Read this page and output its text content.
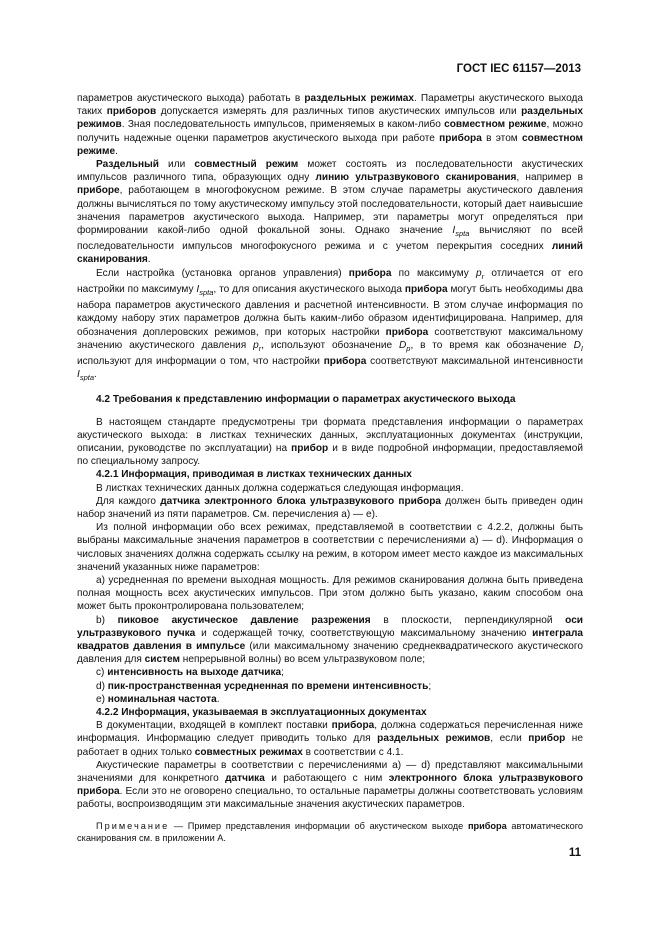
ГОСТ IEC 61157—2013

параметров акустического выхода) работать в раздельных режимах. Параметры акустического выхода таких приборов допускается измерять для различных типов акустических импульсов или раздельных режимов. Зная последовательность импульсов, применяемых в каком-либо совместном режиме, можно получить надежные оценки параметров акустического выхода при работе прибора в этом совместном режиме.

Раздельный или совместный режим может состоять из последовательности акустических импульсов различного типа, образующих одну линию ультразвукового сканирования, например в приборе, работающем в многофокусном режиме. В этом случае параметры акустического давления должны вычисляться по тому акустическому импульсу этой последовательности, который дает наивысшие значения параметров акустического выхода. Например, эти параметры могут определяться при формировании какой-либо одной фокальной зоны. Однако значение $I_{spta}$ вычисляют по всей последовательности импульсов многофокусного режима и с учетом перекрытия соседних линий сканирования.

Если настройка (установка органов управления) прибора по максимуму $p_r$ отличается от его настройки по максимуму $I_{spta}$, то для описания акустического выхода прибора могут быть необходимы два набора параметров акустического давления и расчетной интенсивности. В этом случае информация по каждому набору этих параметров должна быть каким-либо образом идентифицирована. Например, для обозначения доплеровских режимов, при которых настройки прибора соответствуют максимальному значению акустического давления $p_r$, используют обозначение $D_p$, в то время как обозначение $D_I$ используют для информации о том, что настройки прибора соответствуют максимальной интенсивности $I_{spta}$.

4.2 Требования к представлению информации о параметрах акустического выхода

В настоящем стандарте предусмотрены три формата представления информации о параметрах акустического выхода: в листках технических данных, эксплуатационных документах (инструкции, описании, руководстве по эксплуатации) на прибор и в виде подробной информации, предоставляемой по специальному запросу.

4.2.1 Информация, приводимая в листках технических данных

В листках технических данных должна содержаться следующая информация.

Для каждого датчика электронного блока ультразвукового прибора должен быть приведен один набор значений из пяти параметров. См. перечисления а) — е).

Из полной информации обо всех режимах, представляемой в соответствии с 4.2.2, должны быть выбраны максимальные значения параметров в соответствии с перечислениями а) — d). Информация о числовых значениях должна содержать ссылку на режим, в котором имеет место каждое из максимальных значений указанных ниже параметров:

a) усредненная по времени выходная мощность. Для режимов сканирования должна быть приведена полная мощность всех акустических импульсов. При этом должно быть указано, каким способом она может быть проконтролирована пользователем;

b) пиковое акустическое давление разрежения в плоскости, перпендикулярной оси ультразвукового пучка и содержащей точку, соответствующую максимальному значению интеграла квадратов давления в импульсе (или максимальному значению среднеквадратического акустического давления для систем непрерывной волны) во всем ультразвуковом поле;

c) интенсивность на выходе датчика;

d) пик-пространственная усредненная по времени интенсивность;

e) номинальная частота.

4.2.2 Информация, указываемая в эксплуатационных документах

В документации, входящей в комплект поставки прибора, должна содержаться перечисленная ниже информация. Информацию следует приводить только для раздельных режимов, если прибор не работает в одних только совместных режимах в соответствии с 4.1.

Акустические параметры в соответствии с перечислениями а) — d) представляют максимальными значениями для конкретного датчика и работающего с ним электронного блока ультразвукового прибора. Если это не оговорено специально, то остальные параметры должны соответствовать условиям работы, воспроизводящим эти максимальные значения акустических параметров.

Примечание — Пример представления информации об акустическом выходе прибора автоматического сканирования см. в приложении А.

11
